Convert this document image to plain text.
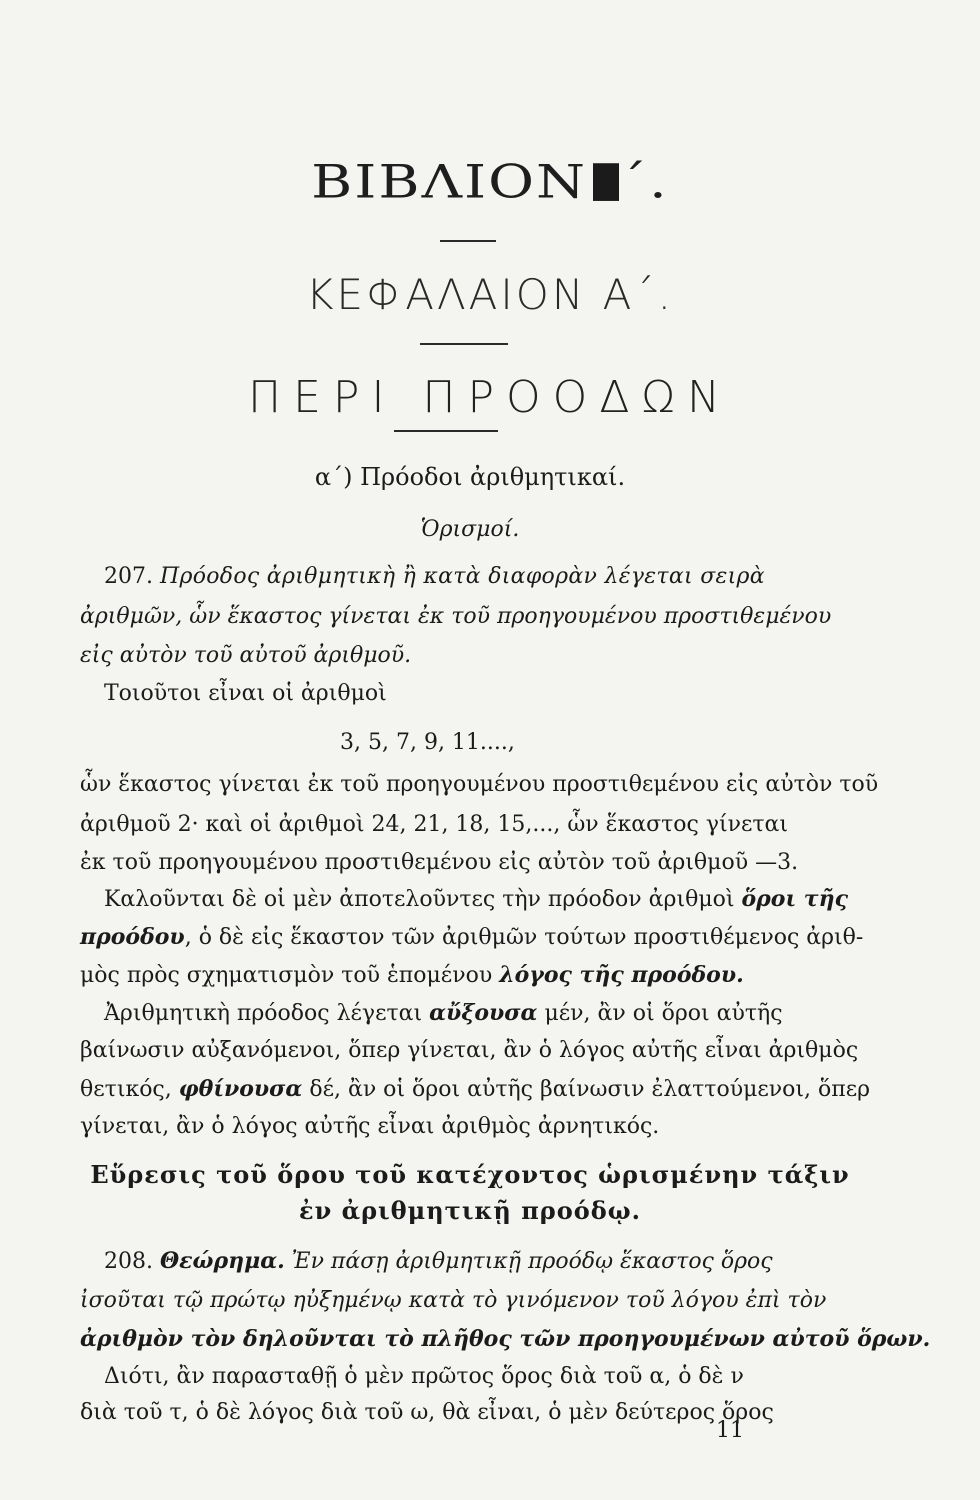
ΒΙΒΛΙΟΝ ´.
ΚΕΦΑΛΑΙΟΝ Α΄.
ΠΕΡΙ ΠΡΟΟΔΩΝ
α΄) Πρόοδοι ἀριθμητικαί.
Ὁρισμοί.
207. Πρόοδος ἀριθμητικὴ ἢ κατὰ διαφορὰν λέγεται σειρὰ
ἀριθμῶν, ὧν ἕκαστος γίνεται ἐκ τοῦ προηγουμένου προστιθεμένου
εἰς αὐτὸν τοῦ αὐτοῦ ἀριθμοῦ.
Τοιοῦτοι εἶναι οἱ ἀριθμοὶ
3, 5, 7, 9, 11....,
ὧν ἕκαστος γίνεται ἐκ τοῦ προηγουμένου προστιθεμένου εἰς αὐτὸν τοῦ
ἀριθμοῦ 2· καὶ οἱ ἀριθμοὶ 24, 21, 18, 15,..., ὧν ἕκαστος γίνεται
ἐκ τοῦ προηγουμένου προστιθεμένου εἰς αὐτὸν τοῦ ἀριθμοῦ —3.
Καλοῦνται δὲ οἱ μὲν ἀποτελοῦντες τὴν πρόοδον ἀριθμοὶ ὅροι τῆς
προόδου, ὁ δὲ εἰς ἕκαστον τῶν ἀριθμῶν τούτων προστιθέμενος ἀριθ-
μὸς πρὸς σχηματισμὸν τοῦ ἑπομένου λόγος τῆς προόδου.
Ἀριθμητικὴ πρόοδος λέγεται αὔξουσα μέν, ἂν οἱ ὅροι αὐτῆς
βαίνωσιν αὐξανόμενοι, ὅπερ γίνεται, ἂν ὁ λόγος αὐτῆς εἶναι ἀριθμὸς
θετικός, φθίνουσα δέ, ἂν οἱ ὅροι αὐτῆς βαίνωσιν ἐλαττούμενοι, ὅπερ
γίνεται, ἂν ὁ λόγος αὐτῆς εἶναι ἀριθμὸς ἀρνητικός.
Εὕρεσις τοῦ ὅρου τοῦ κατέχοντος ὡρισμένην τάξιν
ἐν ἀριθμητικῇ προόδῳ.
208. Θεώρημα. Ἐν πάσῃ ἀριθμητικῇ προόδῳ ἕκαστος ὅρος
ἰσοῦται τῷ πρώτῳ ηὐξημένῳ κατὰ τὸ γινόμενον τοῦ λόγου ἐπὶ τὸν
ἀριθμὸν τὸν δηλοῦνται τὸ πλῆθος τῶν προηγουμένων αὐτοῦ ὅρων.
Διότι, ἂν παρασταθῇ ὁ μὲν πρῶτος ὅρος διὰ τοῦ α, ὁ δὲ ν
διὰ τοῦ τ, ὁ δὲ λόγος διὰ τοῦ ω, θὰ εἶναι, ὁ μὲν δεύτερος ὅρος
11
